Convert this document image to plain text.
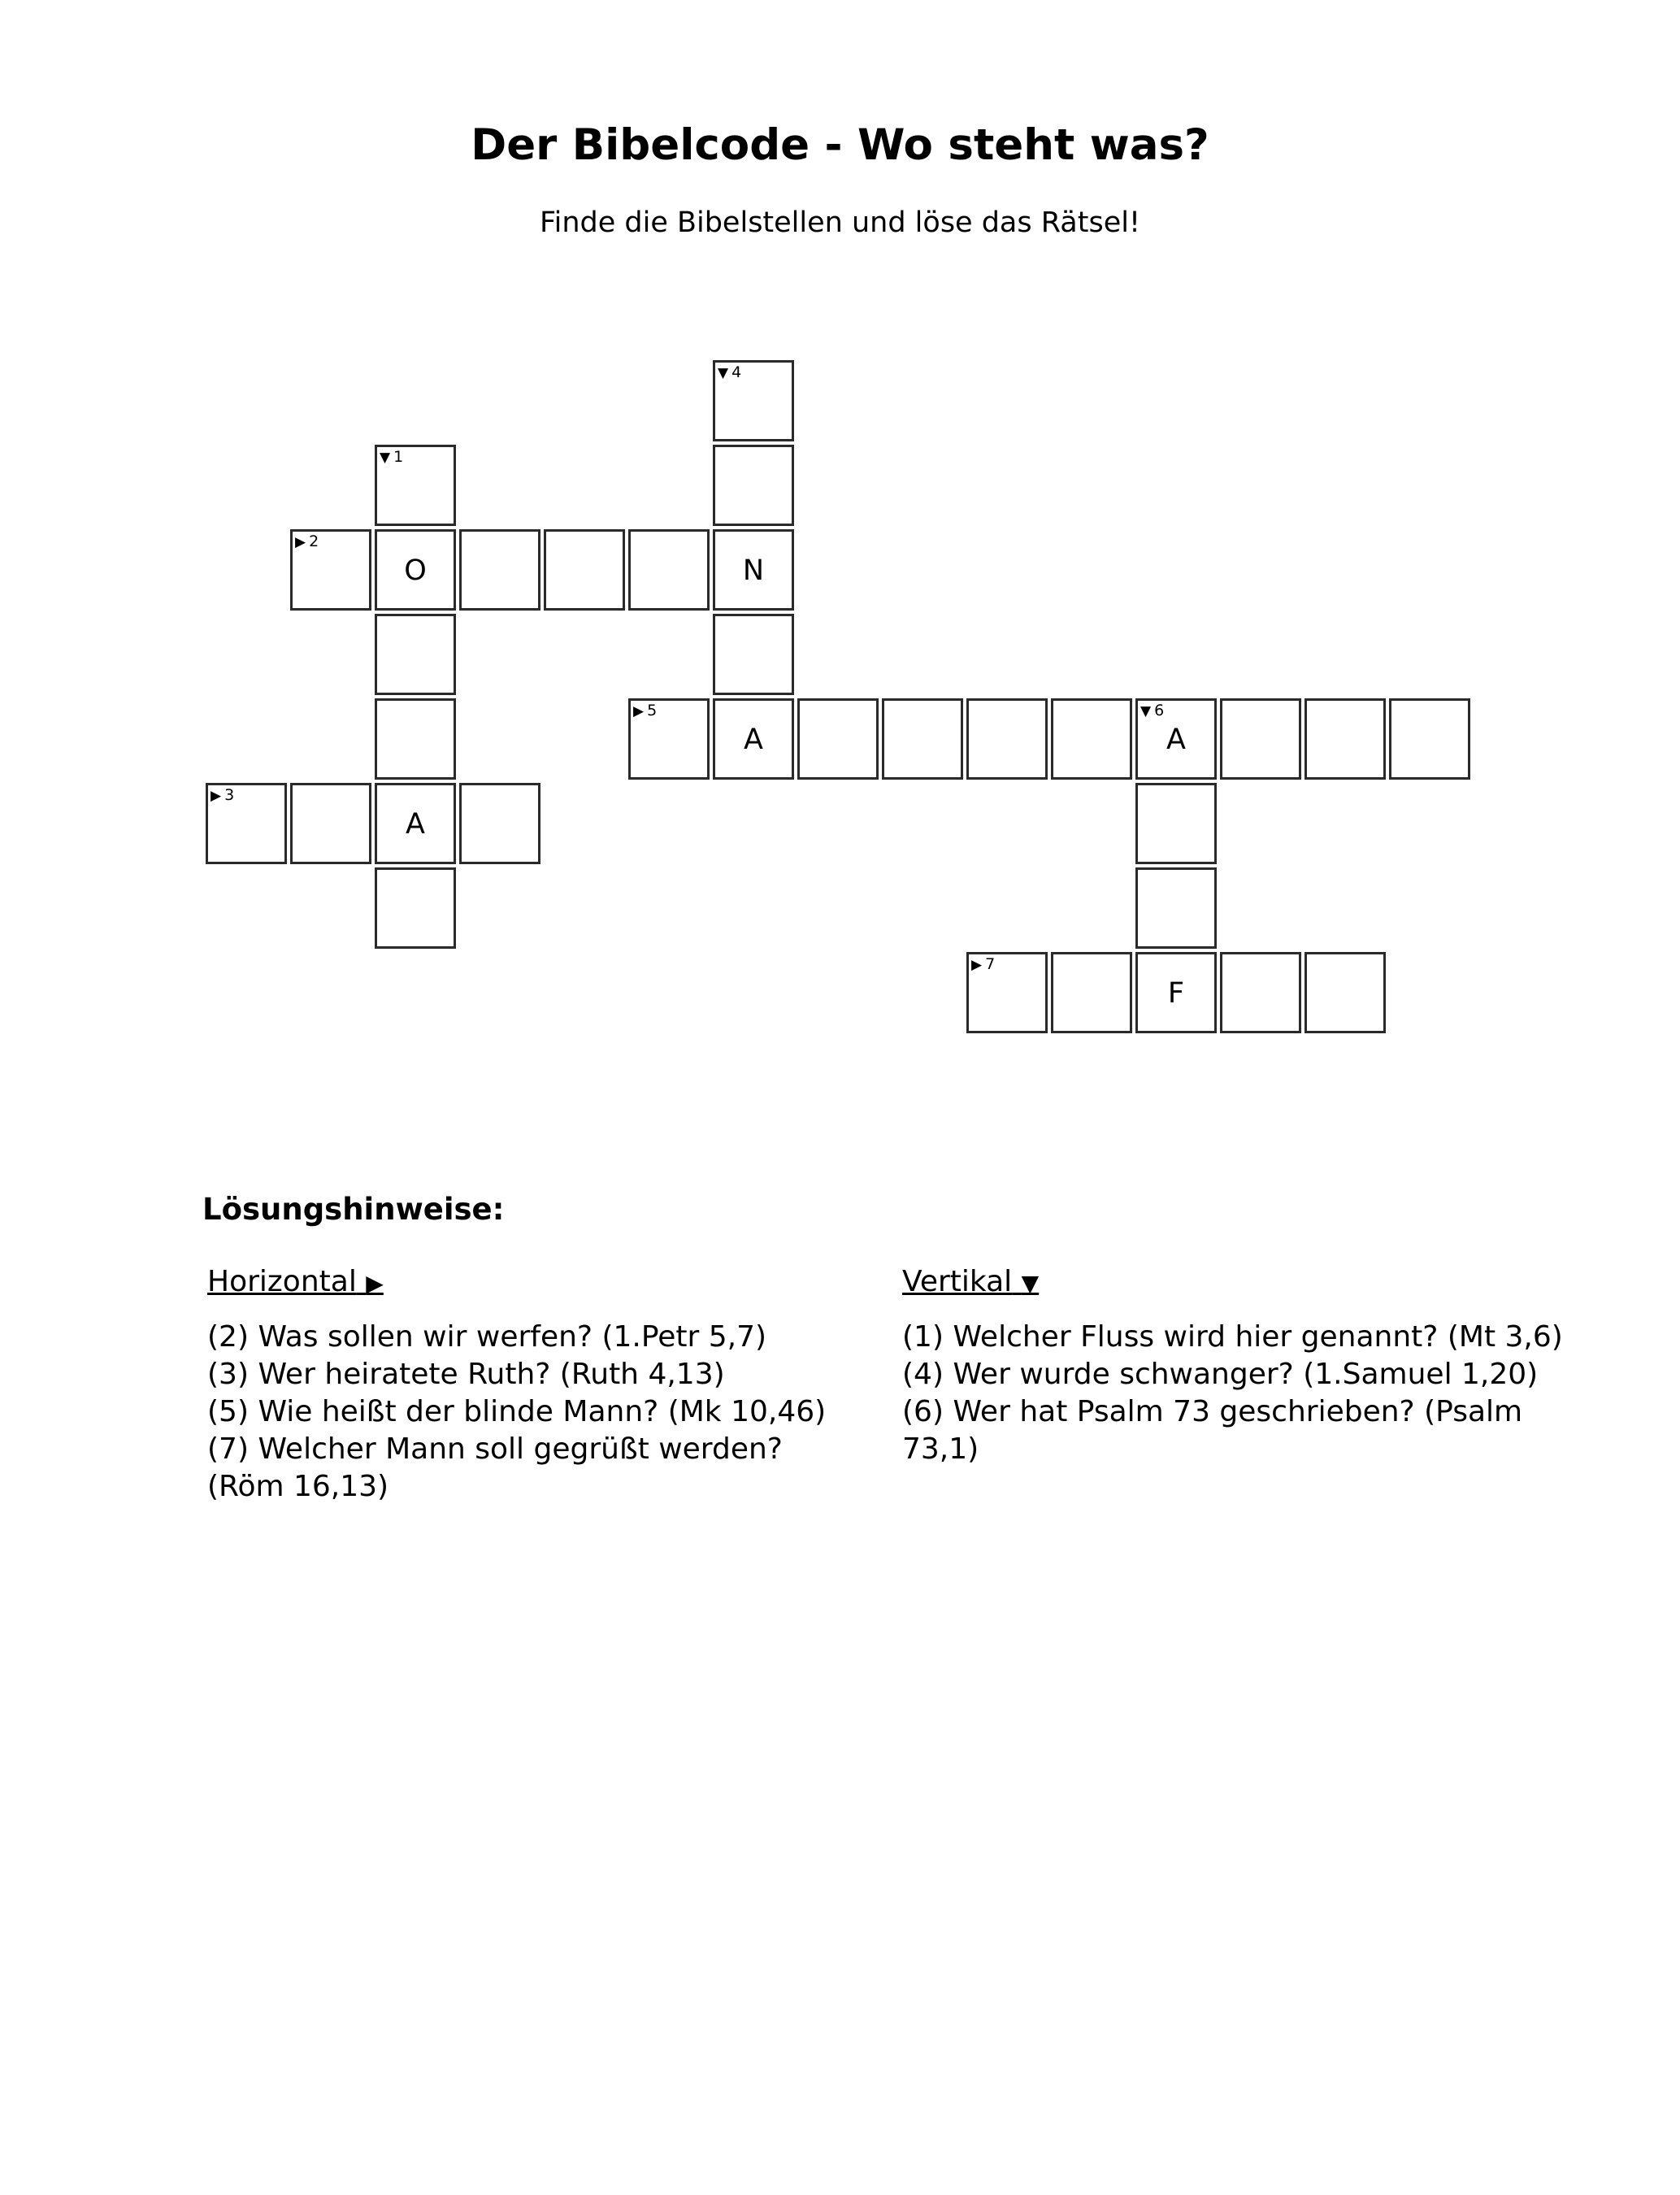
Der Bibelcode - Wo steht was?
Finde die Bibelstellen und löse das Rätsel!
▼ 4
▼ 1
▶ 2
O	N
▶ 5
A
▼ 6
A
▶ 3
A
▶ 7
F
Lösungshinweise:
Horizontal ▶
(2) Was sollen wir werfen? (1.Petr 5,7)
(3) Wer heiratete Ruth? (Ruth 4,13)
(5) Wie heißt der blinde Mann? (Mk 10,46)
(7) Welcher Mann soll gegrüßt werden? (Röm 16,13)
Vertikal ▼
(1) Welcher Fluss wird hier genannt? (Mt 3,6)
(4) Wer wurde schwanger? (1.Samuel 1,20)
(6) Wer hat Psalm 73 geschrieben? (Psalm 73,1)
